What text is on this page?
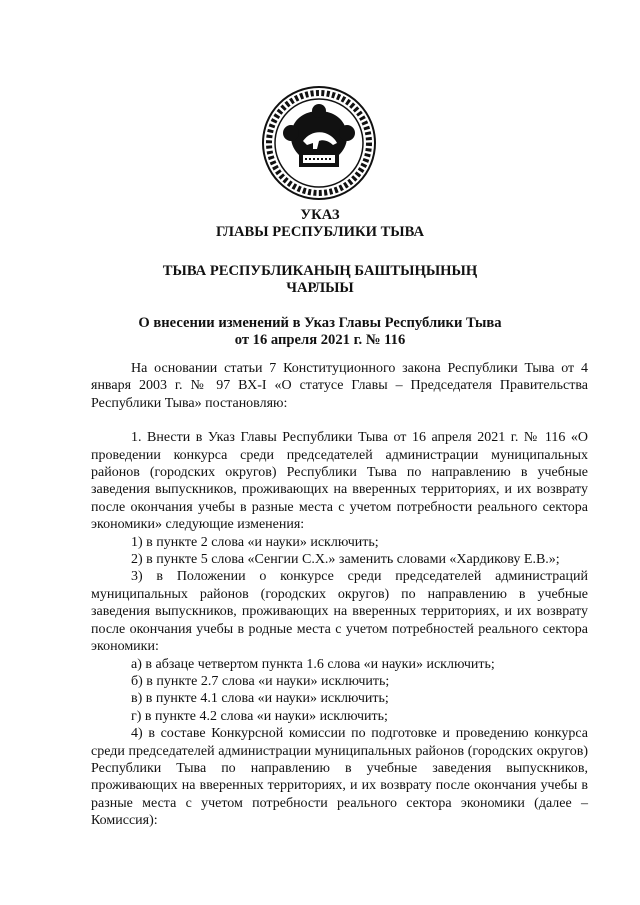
УКАЗ
ГЛАВЫ РЕСПУБЛИКИ ТЫВА

ТЫВА РЕСПУБЛИКАНЫҢ БАШТЫҢЫНЫҢ
ЧАРЛЫЫ

О внесении изменений в Указ Главы Республики Тыва
от 16 апреля 2021 г. № 116

На основании статьи 7 Конституционного закона Республики Тыва от 4 января 2003 г. № 97 ВХ-I «О статусе Главы – Председателя Правительства Республики Тыва» постановляю:

1. Внести в Указ Главы Республики Тыва от 16 апреля 2021 г. № 116 «О проведении конкурса среди председателей администрации муниципальных районов (городских округов) Республики Тыва по направлению в учебные заведения выпускников, проживающих на вверенных территориях, и их возврату после окончания учебы в разные места с учетом потребности реального сектора экономики» следующие изменения:

1) в пункте 2 слова «и науки» исключить;

2) в пункте 5 слова «Сенгии С.Х.» заменить словами «Хардикову Е.В.»;

3) в Положении о конкурсе среди председателей администраций муниципальных районов (городских округов) по направлению в учебные заведения выпускников, проживающих на вверенных территориях, и их возврату после окончания учебы в родные места с учетом потребностей реального сектора экономики:

а) в абзаце четвертом пункта 1.6 слова «и науки» исключить;

б) в пункте 2.7 слова «и науки» исключить;

в) в пункте 4.1 слова «и науки» исключить;

г) в пункте 4.2 слова «и науки» исключить;

4) в составе Конкурсной комиссии по подготовке и проведению конкурса среди председателей администрации муниципальных районов (городских округов) Республики Тыва по направлению в учебные заведения выпускников, проживающих на вверенных территориях, и их возврату после окончания учебы в разные места с учетом потребности реального сектора экономики (далее – Комиссия):
